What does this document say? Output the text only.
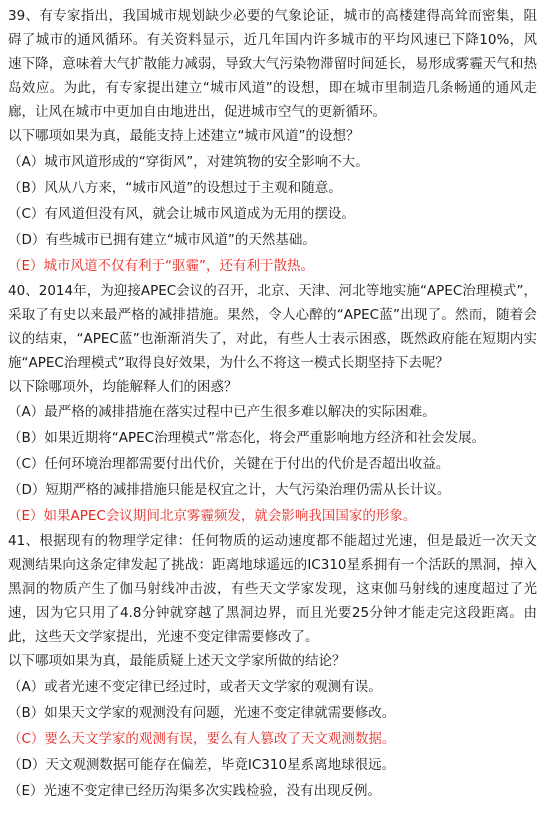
39、有专家指出，我国城市规划缺少必要的气象论证，城市的高楼建得高耸而密集，阻碍了城市的通风循环。有关资料显示，近几年国内许多城市的平均风速已下降10%，风速下降，意味着大气扩散能力减弱，导致大气污染物滞留时间延长，易形成雾霾天气和热岛效应。为此，有专家提出建立“城市风道”的设想，即在城市里制造几条畅通的通风走廊，让风在城市中更加自由地进出，促进城市空气的更新循环。

以下哪项如果为真，最能支持上述建立“城市风道”的设想？

（A）城市风道形成的“穿街风”，对建筑物的安全影响不大。

（B）风从八方来，“城市风道”的设想过于主观和随意。

（C）有风道但没有风，就会让城市风道成为无用的摆设。

（D）有些城市已拥有建立“城市风道”的天然基础。

（E）城市风道不仅有利于“驱霾”，还有利于散热。

40、2014年，为迎接APEC会议的召开，北京、天津、河北等地实施“APEC治理模式”，采取了有史以来最严格的减排措施。果然，令人心醉的“APEC蓝”出现了。然而，随着会议的结束，“APEC蓝”也渐渐消失了，对此，有些人士表示困惑，既然政府能在短期内实施“APEC治理模式”取得良好效果，为什么不将这一模式长期坚持下去呢？

以下除哪项外，均能解释人们的困惑？

（A）最严格的减排措施在落实过程中已产生很多难以解决的实际困难。

（B）如果近期将“APEC治理模式”常态化，将会严重影响地方经济和社会发展。

（C）任何环境治理都需要付出代价，关键在于付出的代价是否超出收益。

（D）短期严格的减排措施只能是权宜之计，大气污染治理仍需从长计议。

（E）如果APEC会议期间北京雾霾频发，就会影响我国国家的形象。

41、根据现有的物理学定律：任何物质的运动速度都不能超过光速，但是最近一次天文观测结果向这条定律发起了挑战：距离地球遥远的IC310星系拥有一个活跃的黑洞，掉入黑洞的物质产生了伽马射线冲击波，有些天文学家发现，这束伽马射线的速度超过了光速，因为它只用了4.8分钟就穿越了黑洞边界，而且光要25分钟才能走完这段距离。由此，这些天文学家提出，光速不变定律需要修改了。

以下哪项如果为真，最能质疑上述天文学家所做的结论？

（A）或者光速不变定律已经过时，或者天文学家的观测有误。

（B）如果天文学家的观测没有问题，光速不变定律就需要修改。

（C）要么天文学家的观测有误，要么有人篡改了天文观测数据。

（D）天文观测数据可能存在偏差，毕竟IC310星系离地球很远。

（E）光速不变定律已经历沟渠多次实践检验，没有出现反例。
